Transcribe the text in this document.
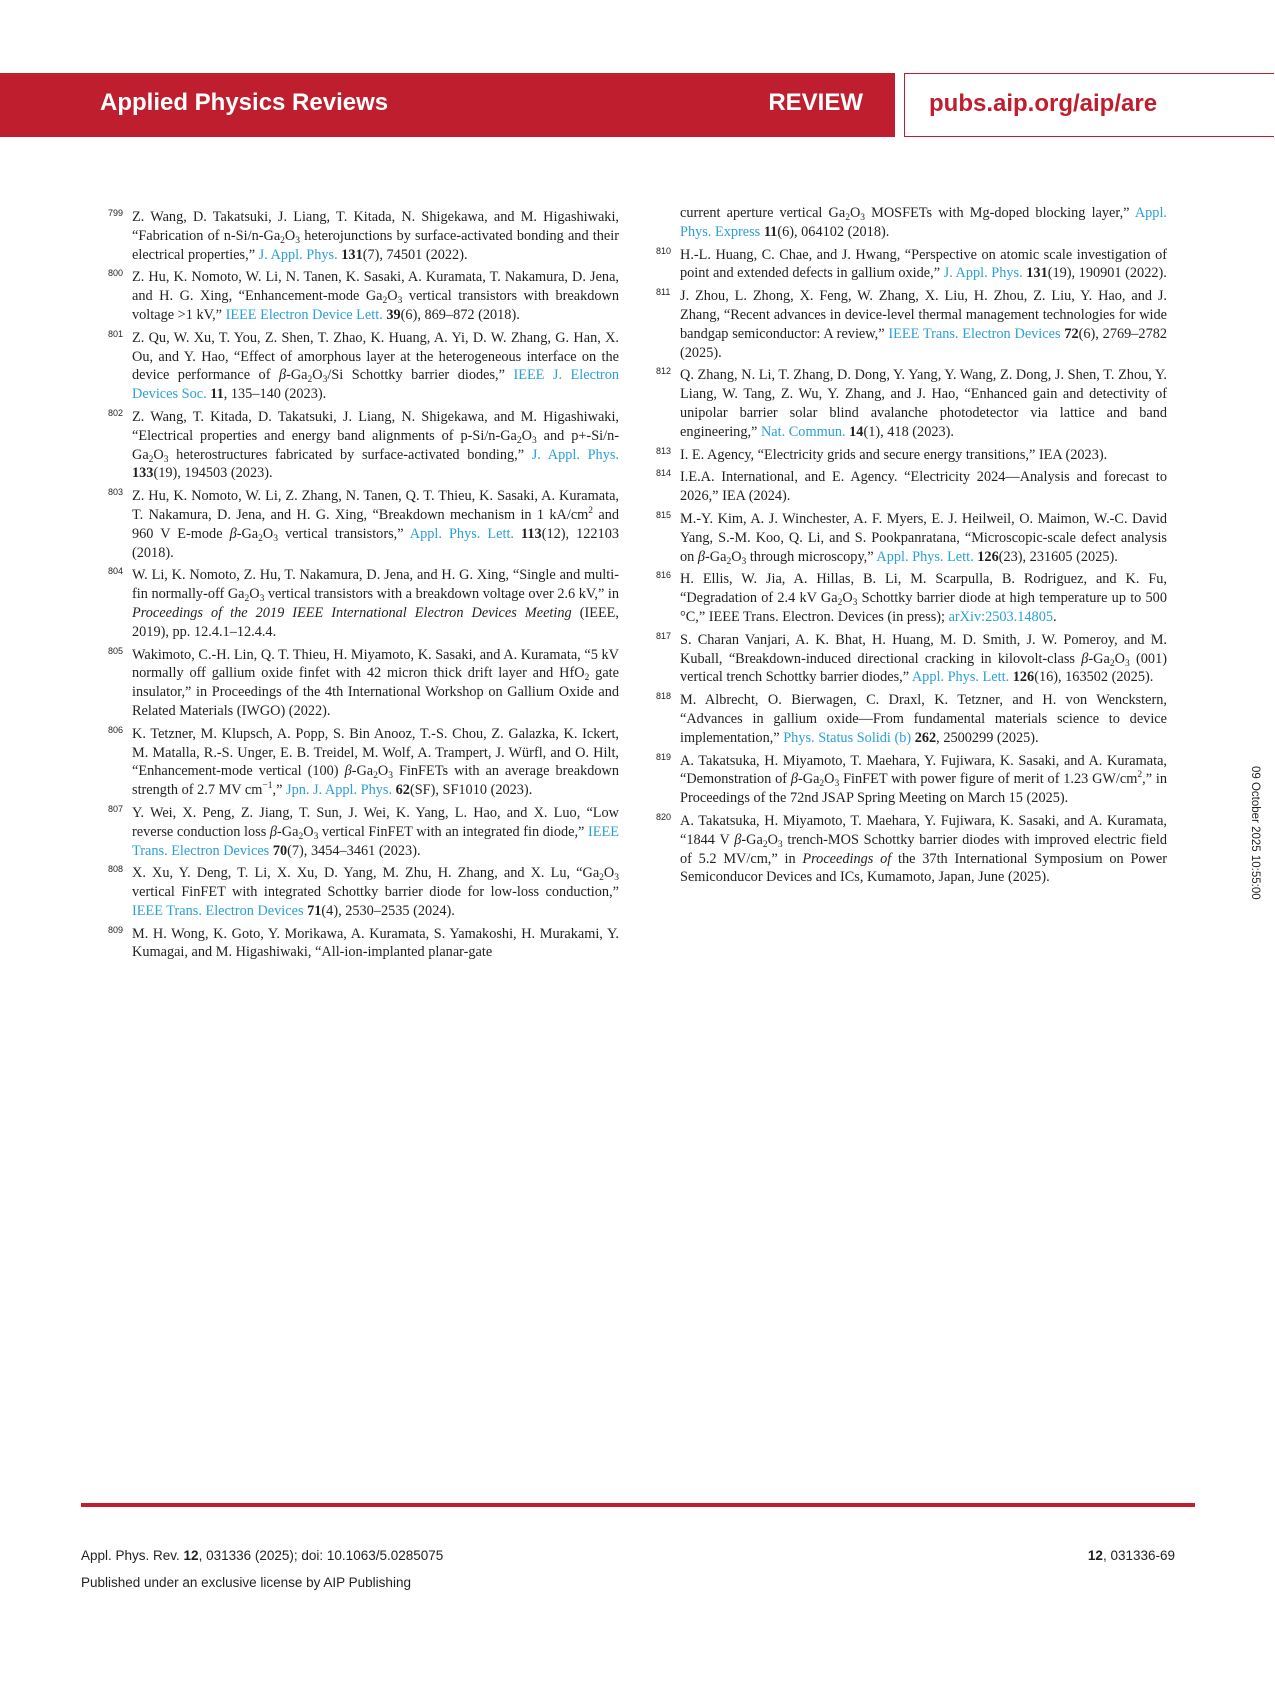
Applied Physics Reviews	REVIEW	pubs.aip.org/aip/are
799 Z. Wang, D. Takatsuki, J. Liang, T. Kitada, N. Shigekawa, and M. Higashiwaki, “Fabrication of $n-Si/n-Ga_2O_3$ heterojunctions by surface-activated bonding and their electrical properties,” J. Appl. Phys. 131(7), 74501 (2022).
800 Z. Hu, K. Nomoto, W. Li, N. Tanen, K. Sasaki, A. Kuramata, T. Nakamura, D. Jena, and H. G. Xing, “Enhancement-mode $Ga_2O_3$ vertical transistors with breakdown voltage >1 kV,” IEEE Electron Device Lett. 39(6), 869–872 (2018).
801 Z. Qu, W. Xu, T. You, Z. Shen, T. Zhao, K. Huang, A. Yi, D. W. Zhang, G. Han, X. Ou, and Y. Hao, “Effect of amorphous layer at the heterogeneous interface on the device performance of $\beta-Ga_2O_3/Si$ Schottky barrier diodes,” IEEE J. Electron Devices Soc. 11, 135–140 (2023).
802 Z. Wang, T. Kitada, D. Takatsuki, J. Liang, N. Shigekawa, and M. Higashiwaki, “Electrical properties and energy band alignments of $p-Si/n-Ga_2O_3$ and $p+-Si/n-Ga_2O_3$ heterostructures fabricated by surface-activated bonding,” J. Appl. Phys. 133(19), 194503 (2023).
803 Z. Hu, K. Nomoto, W. Li, Z. Zhang, N. Tanen, Q. T. Thieu, K. Sasaki, A. Kuramata, T. Nakamura, D. Jena, and H. G. Xing, “Breakdown mechanism in 1 $kA/cm^2$ and 960 V E-mode $\beta-Ga_2O_3$ vertical transistors,” Appl. Phys. Lett. 113(12), 122103 (2018).
804 W. Li, K. Nomoto, Z. Hu, T. Nakamura, D. Jena, and H. G. Xing, “Single and multi-fin normally-off $Ga_2O_3$ vertical transistors with a breakdown voltage over 2.6 kV,” in Proceedings of the 2019 IEEE International Electron Devices Meeting (IEEE, 2019), pp. 12.4.1–12.4.4.
805 Wakimoto, C.-H. Lin, Q. T. Thieu, H. Miyamoto, K. Sasaki, and A. Kuramata, “5 kV normally off gallium oxide finfet with 42 micron thick drift layer and HfO$_2$ gate insulator,” in Proceedings of the 4th International Workshop on Gallium Oxide and Related Materials (IWGO) (2022).
806 K. Tetzner, M. Klupsch, A. Popp, S. Bin Anooz, T.-S. Chou, Z. Galazka, K. Ickert, M. Matalla, R.-S. Unger, E. B. Treidel, M. Wolf, A. Trampert, J. Würfl, and O. Hilt, “Enhancement-mode vertical (100) $\beta-Ga_2O_3$ FinFETs with an average breakdown strength of 2.7 MV $cm^{-1}$,” Jpn. J. Appl. Phys. 62(SF), SF1010 (2023).
807 Y. Wei, X. Peng, Z. Jiang, T. Sun, J. Wei, K. Yang, L. Hao, and X. Luo, “Low reverse conduction loss $\beta-Ga_2O_3$ vertical FinFET with an integrated fin diode,” IEEE Trans. Electron Devices 70(7), 3454–3461 (2023).
808 X. Xu, Y. Deng, T. Li, X. Xu, D. Yang, M. Zhu, H. Zhang, and X. Lu, “$Ga_2O_3$ vertical FinFET with integrated Schottky barrier diode for low-loss conduction,” IEEE Trans. Electron Devices 71(4), 2530–2535 (2024).
809 M. H. Wong, K. Goto, Y. Morikawa, A. Kuramata, S. Yamakoshi, H. Murakami, Y. Kumagai, and M. Higashiwaki, “All-ion-implanted planar-gate
current aperture vertical $Ga_2O_3$ MOSFETs with Mg-doped blocking layer,” Appl. Phys. Express 11(6), 064102 (2018).
810 H.-L. Huang, C. Chae, and J. Hwang, “Perspective on atomic scale investigation of point and extended defects in gallium oxide,” J. Appl. Phys. 131(19), 190901 (2022).
811 J. Zhou, L. Zhong, X. Feng, W. Zhang, X. Liu, H. Zhou, Z. Liu, Y. Hao, and J. Zhang, “Recent advances in device-level thermal management technologies for wide bandgap semiconductor: A review,” IEEE Trans. Electron Devices 72(6), 2769–2782 (2025).
812 Q. Zhang, N. Li, T. Zhang, D. Dong, Y. Yang, Y. Wang, Z. Dong, J. Shen, T. Zhou, Y. Liang, W. Tang, Z. Wu, Y. Zhang, and J. Hao, “Enhanced gain and detectivity of unipolar barrier solar blind avalanche photodetector via lattice and band engineering,” Nat. Commun. 14(1), 418 (2023).
813 I. E. Agency, “Electricity grids and secure energy transitions,” IEA (2023).
814 I.E.A. International, and E. Agency. “Electricity 2024—Analysis and forecast to 2026,” IEA (2024).
815 M.-Y. Kim, A. J. Winchester, A. F. Myers, E. J. Heilweil, O. Maimon, W.-C. David Yang, S.-M. Koo, Q. Li, and S. Pookpanratana, “Microscopic-scale defect analysis on $\beta-Ga_2O_3$ through microscopy,” Appl. Phys. Lett. 126(23), 231605 (2025).
816 H. Ellis, W. Jia, A. Hillas, B. Li, M. Scarpulla, B. Rodriguez, and K. Fu, “Degradation of 2.4 kV $Ga_2O_3$ Schottky barrier diode at high temperature up to 500 °C,” IEEE Trans. Electron. Devices (in press); arXiv:2503.14805.
817 S. Charan Vanjari, A. K. Bhat, H. Huang, M. D. Smith, J. W. Pomeroy, and M. Kuball, “Breakdown-induced directional cracking in kilovolt-class $\beta-Ga_2O_3$ (001) vertical trench Schottky barrier diodes,” Appl. Phys. Lett. 126(16), 163502 (2025).
818 M. Albrecht, O. Bierwagen, C. Draxl, K. Tetzner, and H. von Wenckstern, “Advances in gallium oxide—From fundamental materials science to device implementation,” Phys. Status Solidi (b) 262, 2500299 (2025).
819 A. Takatsuka, H. Miyamoto, T. Maehara, Y. Fujiwara, K. Sasaki, and A. Kuramata, “Demonstration of $\beta-Ga_2O_3$ FinFET with power figure of merit of 1.23 $GW/cm^2$,” in Proceedings of the 72nd JSAP Spring Meeting on March 15 (2025).
820 A. Takatsuka, H. Miyamoto, T. Maehara, Y. Fujiwara, K. Sasaki, and A. Kuramata, “1844 V $\beta-Ga_2O_3$ trench-MOS Schottky barrier diodes with improved electric field of 5.2 MV/cm,” in Proceedings of the 37th International Symposium on Power Semiconducor Devices and ICs, Kumamoto, Japan, June (2025).	09 October 2025 10:55:00
Appl. Phys. Rev. 12, 031336 (2025); doi: 10.1063/5.0285075	12, 031336-69
Published under an exclusive license by AIP Publishing
